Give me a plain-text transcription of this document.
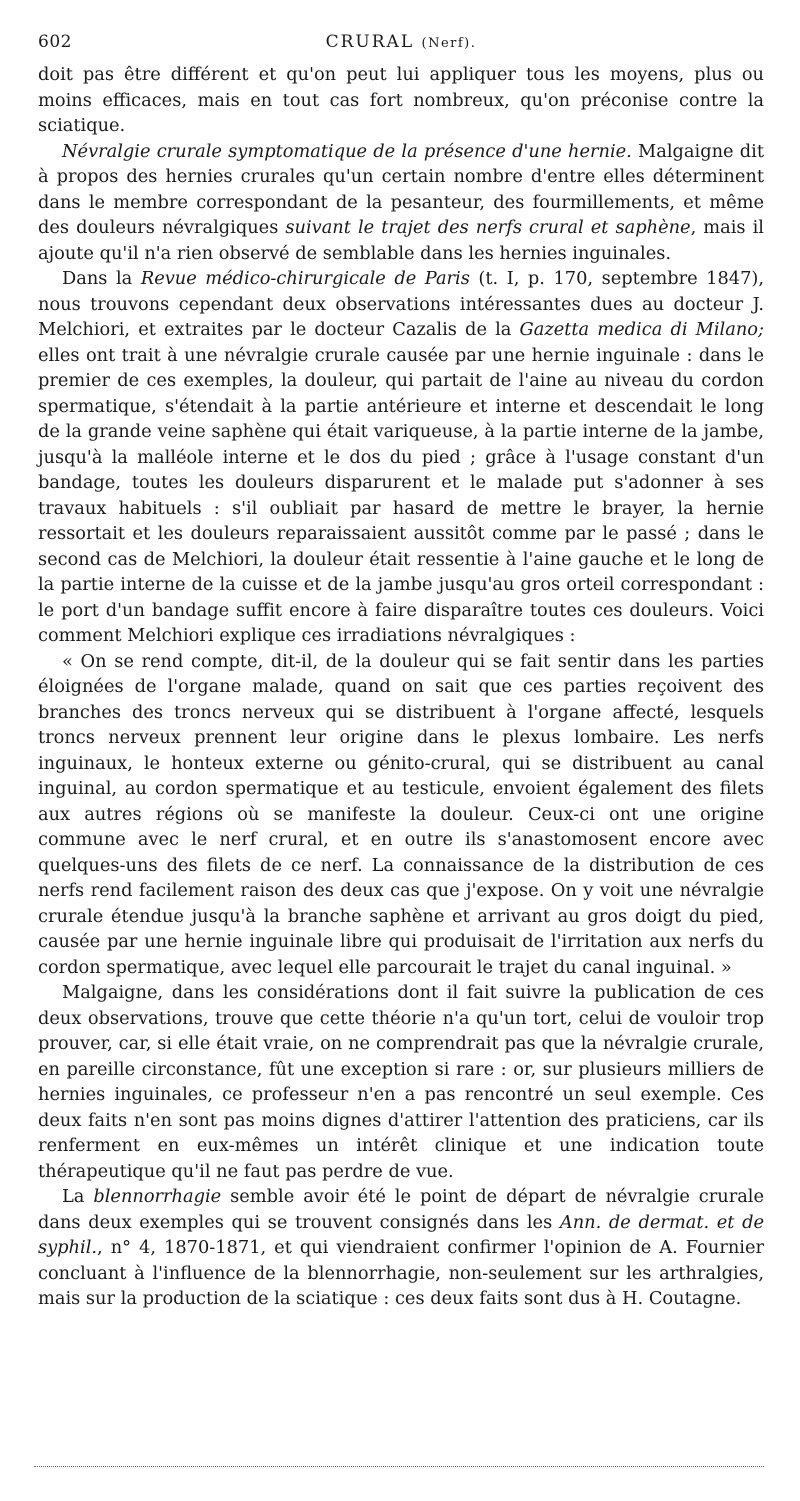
602	CRURAL (Nerf).

doit pas être différent et qu'on peut lui appliquer tous les moyens, plus ou moins efficaces, mais en tout cas fort nombreux, qu'on préconise contre la sciatique.

Névralgie crurale symptomatique de la présence d'une hernie. Malgaigne dit à propos des hernies crurales qu'un certain nombre d'entre elles déterminent dans le membre correspondant de la pesanteur, des fourmillements, et même des douleurs névralgiques suivant le trajet des nerfs crural et saphène, mais il ajoute qu'il n'a rien observé de semblable dans les hernies inguinales.

Dans la Revue médico-chirurgicale de Paris (t. I, p. 170, septembre 1847), nous trouvons cependant deux observations intéressantes dues au docteur J. Melchiori, et extraites par le docteur Cazalis de la Gazetta medica di Milano; elles ont trait à une névralgie crurale causée par une hernie inguinale : dans le premier de ces exemples, la douleur, qui partait de l'aine au niveau du cordon spermatique, s'étendait à la partie antérieure et interne et descendait le long de la grande veine saphène qui était variqueuse, à la partie interne de la jambe, jusqu'à la malléole interne et le dos du pied ; grâce à l'usage constant d'un bandage, toutes les douleurs disparurent et le malade put s'adonner à ses travaux habituels : s'il oubliait par hasard de mettre le brayer, la hernie ressortait et les douleurs reparaissaient aussitôt comme par le passé ; dans le second cas de Melchiori, la douleur était ressentie à l'aine gauche et le long de la partie interne de la cuisse et de la jambe jusqu'au gros orteil correspondant : le port d'un bandage suffit encore à faire disparaître toutes ces douleurs. Voici comment Melchiori explique ces irradiations névralgiques :

« On se rend compte, dit-il, de la douleur qui se fait sentir dans les parties éloignées de l'organe malade, quand on sait que ces parties reçoivent des branches des troncs nerveux qui se distribuent à l'organe affecté, lesquels troncs nerveux prennent leur origine dans le plexus lombaire. Les nerfs inguinaux, le honteux externe ou génito-crural, qui se distribuent au canal inguinal, au cordon spermatique et au testicule, envoient également des filets aux autres régions où se manifeste la douleur. Ceux-ci ont une origine commune avec le nerf crural, et en outre ils s'anastomosent encore avec quelques-uns des filets de ce nerf. La connaissance de la distribution de ces nerfs rend facilement raison des deux cas que j'expose. On y voit une névralgie crurale étendue jusqu'à la branche saphène et arrivant au gros doigt du pied, causée par une hernie inguinale libre qui produisait de l'irritation aux nerfs du cordon spermatique, avec lequel elle parcourait le trajet du canal inguinal. »

Malgaigne, dans les considérations dont il fait suivre la publication de ces deux observations, trouve que cette théorie n'a qu'un tort, celui de vouloir trop prouver, car, si elle était vraie, on ne comprendrait pas que la névralgie crurale, en pareille circonstance, fût une exception si rare : or, sur plusieurs milliers de hernies inguinales, ce professeur n'en a pas rencontré un seul exemple. Ces deux faits n'en sont pas moins dignes d'attirer l'attention des praticiens, car ils renferment en eux-mêmes un intérêt clinique et une indication toute thérapeutique qu'il ne faut pas perdre de vue.

La blennorrhagie semble avoir été le point de départ de névralgie crurale dans deux exemples qui se trouvent consignés dans les Ann. de dermat. et de syphil., n° 4, 1870-1871, et qui viendraient confirmer l'opinion de A. Fournier concluant à l'influence de la blennorrhagie, non-seulement sur les arthralgies, mais sur la production de la sciatique : ces deux faits sont dus à H. Coutagne.
